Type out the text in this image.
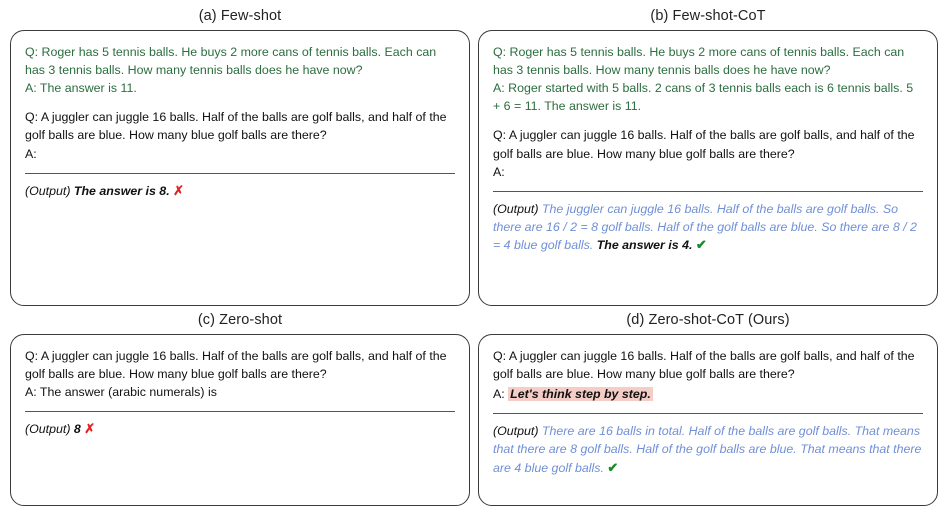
(a) Few-shot
Q: Roger has 5 tennis balls. He buys 2 more cans of tennis balls. Each can has 3 tennis balls. How many tennis balls does he have now?
A: The answer is 11.
Q: A juggler can juggle 16 balls. Half of the balls are golf balls, and half of the golf balls are blue. How many blue golf balls are there?
A:
(Output) The answer is 8. ✗
(b) Few-shot-CoT
Q: Roger has 5 tennis balls. He buys 2 more cans of tennis balls. Each can has 3 tennis balls. How many tennis balls does he have now?
A: Roger started with 5 balls. 2 cans of 3 tennis balls each is 6 tennis balls. 5 + 6 = 11. The answer is 11.
Q: A juggler can juggle 16 balls. Half of the balls are golf balls, and half of the golf balls are blue. How many blue golf balls are there?
A:
(Output) The juggler can juggle 16 balls. Half of the balls are golf balls. So there are 16 / 2 = 8 golf balls. Half of the golf balls are blue. So there are 8 / 2 = 4 blue golf balls. The answer is 4. ✔
(c) Zero-shot
Q: A juggler can juggle 16 balls. Half of the balls are golf balls, and half of the golf balls are blue. How many blue golf balls are there?
A: The answer (arabic numerals) is
(Output) 8 ✗
(d) Zero-shot-CoT (Ours)
Q: A juggler can juggle 16 balls. Half of the balls are golf balls, and half of the golf balls are blue. How many blue golf balls are there?
A: Let's think step by step.
(Output) There are 16 balls in total. Half of the balls are golf balls. That means that there are 8 golf balls. Half of the golf balls are blue. That means that there are 4 blue golf balls. ✔
